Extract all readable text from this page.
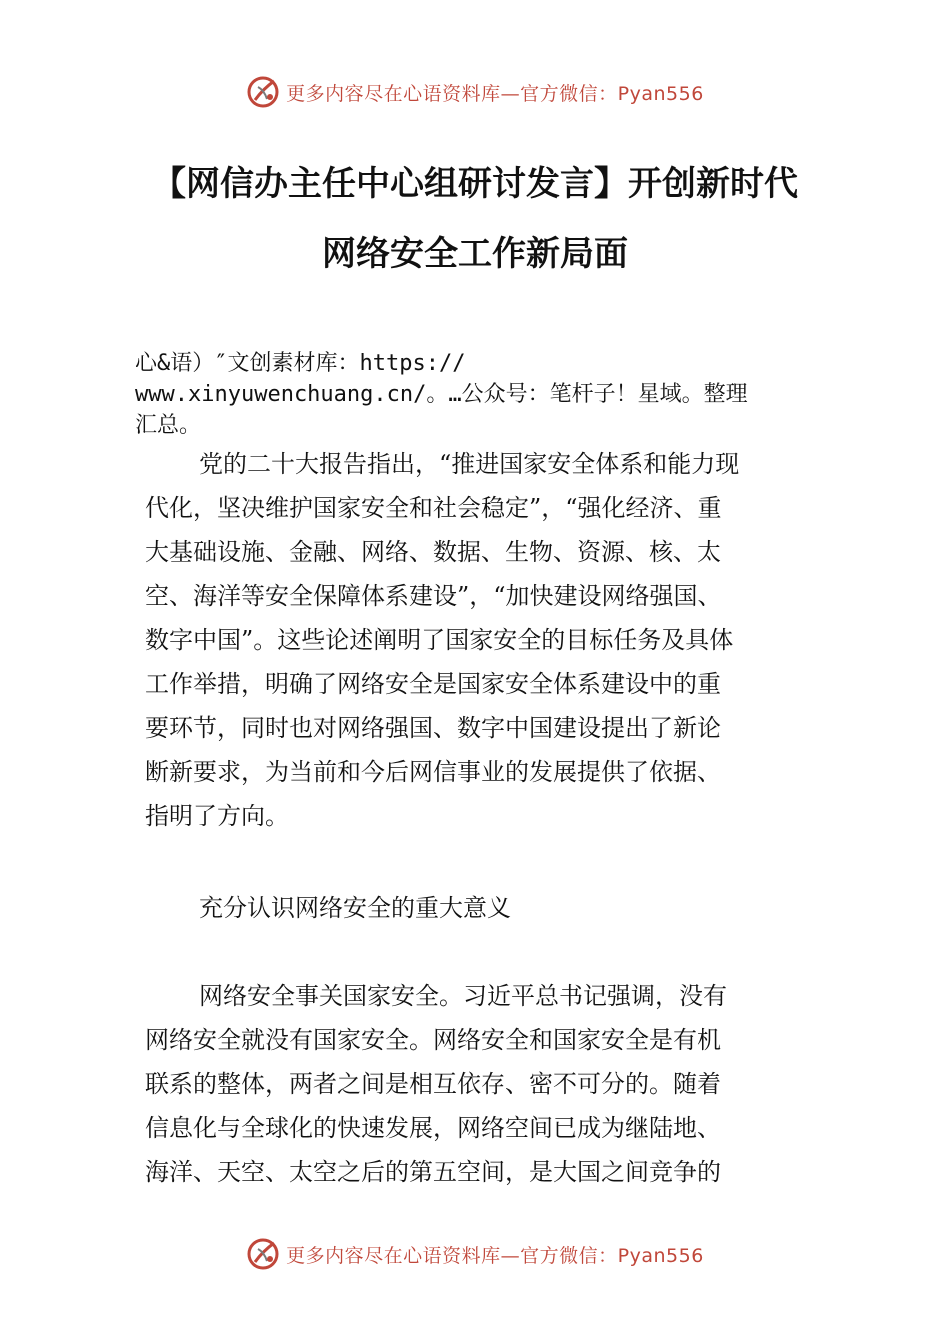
更多内容尽在心语资料库—官方微信：Pyan556
【网信办主任中心组研讨发言】开创新时代
网络安全工作新局面
心&语）″文创素材库：https://
www.xinyuwenchuang.cn/。…公众号：笔杆子！星域。整理
汇总。
党的二十大报告指出，“推进国家安全体系和能力现
代化，坚决维护国家安全和社会稳定”，“强化经济、重
大基础设施、金融、网络、数据、生物、资源、核、太
空、海洋等安全保障体系建设”，“加快建设网络强国、
数字中国”。这些论述阐明了国家安全的目标任务及具体
工作举措，明确了网络安全是国家安全体系建设中的重
要环节，同时也对网络强国、数字中国建设提出了新论
断新要求，为当前和今后网信事业的发展提供了依据、
指明了方向。
充分认识网络安全的重大意义
网络安全事关国家安全。习近平总书记强调，没有
网络安全就没有国家安全。网络安全和国家安全是有机
联系的整体，两者之间是相互依存、密不可分的。随着
信息化与全球化的快速发展，网络空间已成为继陆地、
海洋、天空、太空之后的第五空间，是大国之间竞争的
更多内容尽在心语资料库—官方微信：Pyan556
